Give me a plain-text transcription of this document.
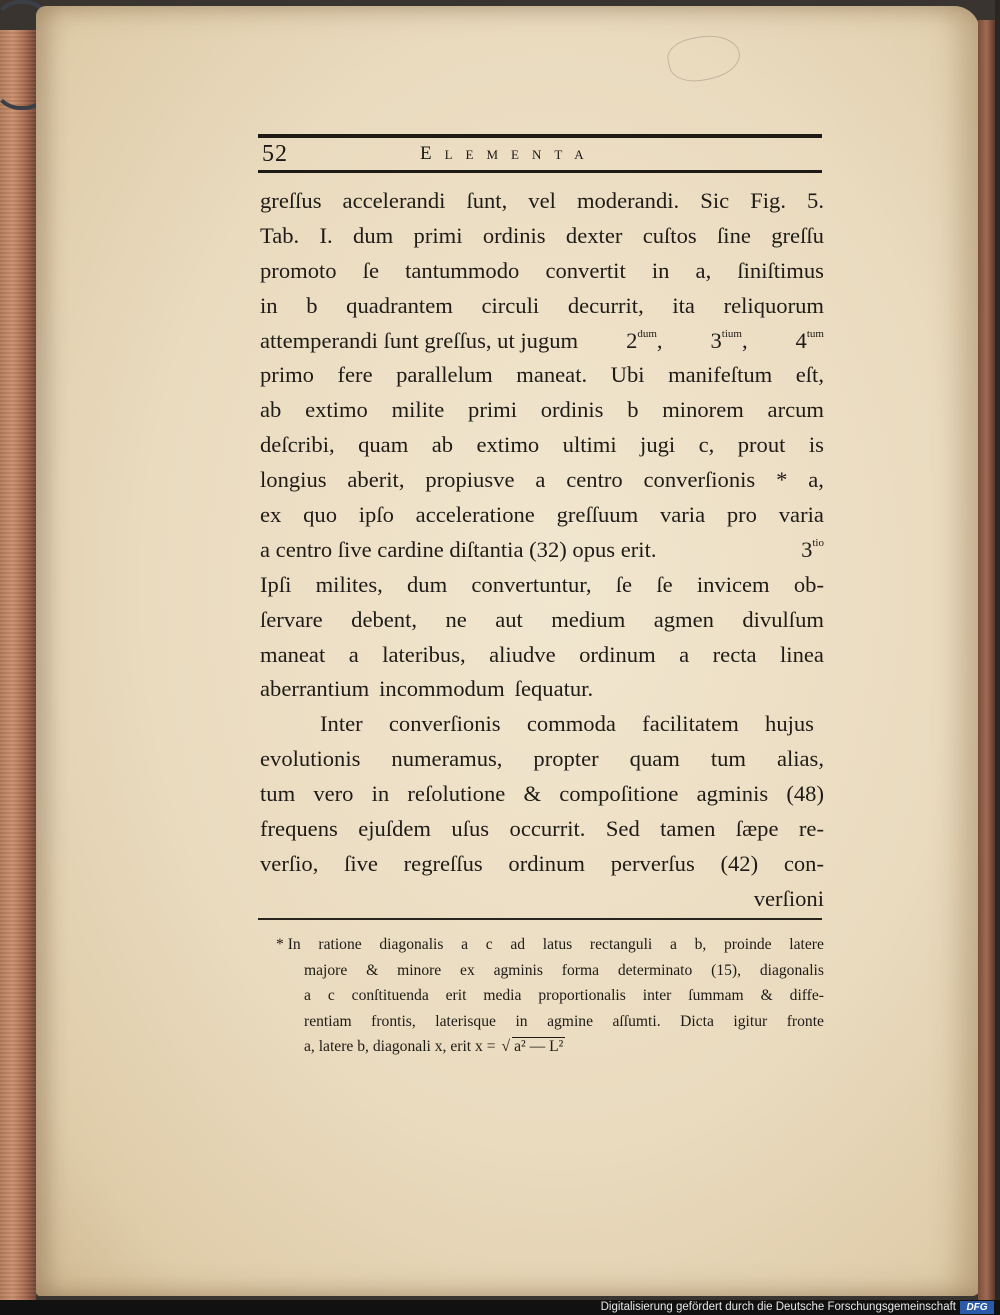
52	Elementa
greſſus accelerandi ſunt, vel moderandi. Sic Fig. 5.
Tab. I. dum primi ordinis dexter cuſtos ſine greſſu
promoto ſe tantummodo convertit in a, ſiniſtimus
in b quadrantem circuli decurrit, ita reliquorum
attemperandi ſunt greſſus, ut jugum $2^{dum}$, $3^{tium}$, $4^{tum}$
primo fere parallelum maneat. Ubi manifeſtum eſt,
ab extimo milite primi ordinis b minorem arcum
deſcribi, quam ab extimo ultimi jugi c, prout is
longius aberit, propiusve a centro converſionis * a,
ex quo ipſo acceleratione greſſuum varia pro varia
a centro ſive cardine diſtantia (32) opus erit.	$3^{tio}$
Ipſi milites, dum convertuntur, ſe ſe invicem ob-
ſervare debent, ne aut medium agmen divulſum
maneat a lateribus, aliudve ordinum a recta linea
aberrantium incommodum ſequatur.
Inter converſionis commoda facilitatem hujus
evolutionis numeramus, propter quam tum alias,
tum vero in reſolutione & compoſitione agminis (48)
frequens ejuſdem uſus occurrit. Sed tamen ſæpe re-
verſio, ſive regreſſus ordinum perverſus (42) con-
verſioni
* In ratione diagonalis a c ad latus rectanguli a b, proinde latere
majore & minore ex agminis forma determinato (15), diagonalis
a c conſtituenda erit media proportionalis inter ſummam & diffe-
rentiam frontis, laterisque in agmine aſſumti. Dicta igitur fronte
a, latere b, diagonali x, erit x = √ a² — L²
Digitalisierung gefördert durch die Deutsche Forschungsgemeinschaft	DFG
